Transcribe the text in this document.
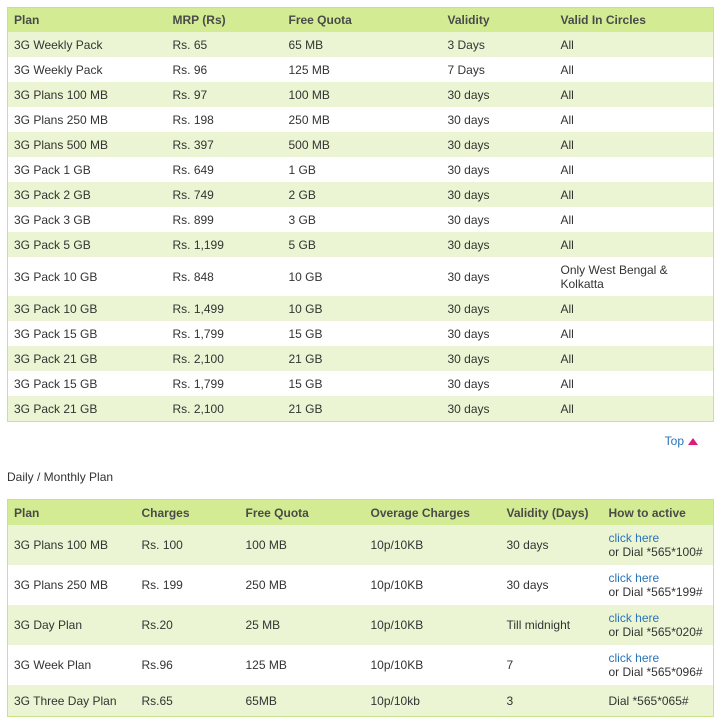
Plan	MRP (Rs)	Free Quota	Validity	Valid In Circles
3G Weekly Pack	Rs. 65	65 MB	3 Days	All
3G Weekly Pack	Rs. 96	125 MB	7 Days	All
3G Plans 100 MB	Rs. 97	100 MB	30 days	All
3G Plans 250 MB	Rs. 198	250 MB	30 days	All
3G Plans 500 MB	Rs. 397	500 MB	30 days	All
3G Pack 1 GB	Rs. 649	1 GB	30 days	All
3G Pack 2 GB	Rs. 749	2 GB	30 days	All
3G Pack 3 GB	Rs. 899	3 GB	30 days	All
3G Pack 5 GB	Rs. 1,199	5 GB	30 days	All
3G Pack 10 GB	Rs. 848	10 GB	30 days	Only West Bengal & Kolkatta
3G Pack 10 GB	Rs. 1,499	10 GB	30 days	All
3G Pack 15 GB	Rs. 1,799	15 GB	30 days	All
3G Pack 21 GB	Rs. 2,100	21 GB	30 days	All
3G Pack 15 GB	Rs. 1,799	15 GB	30 days	All
3G Pack 21 GB	Rs. 2,100	21 GB	30 days	All
Top
Daily / Monthly Plan
Plan	Charges	Free Quota	Overage Charges	Validity (Days)	How to active
3G Plans 100 MB	Rs. 100	100 MB	10p/10KB	30 days	click here
or Dial *565*100#

3G Plans 250 MB	Rs. 199	250 MB	10p/10KB	30 days	click here
or Dial *565*199#

3G Day Plan	Rs.20	25 MB	10p/10KB	Till midnight	click here
or Dial *565*020#

3G Week Plan	Rs.96	125 MB	10p/10KB	7	click here
or Dial *565*096#

3G Three Day Plan	Rs.65	65MB	10p/10kb	3	Dial *565*065#
